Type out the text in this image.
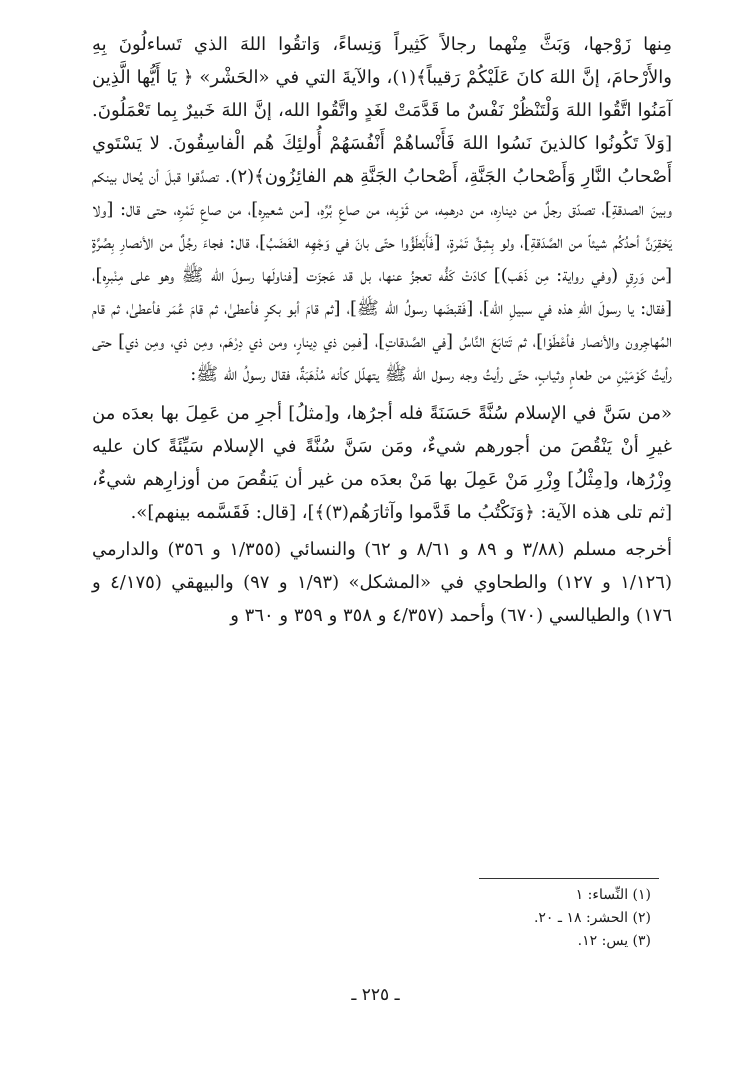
مِنها زَوْجها، وَبَثَّ مِنْهما رجالاً كَثِيراً وَنِساءً، وَاتقُوا اللهَ الذي تَساءلُونَ بِهِ والأَرْحامَ، إنَّ اللهَ كانَ عَلَيْكُمْ رَقيباً﴾(١)، والآيةَ التي في «الحَشْر» ﴿ يَا أَيُّها الَّذِين آمَنُوا اتَّقُوا اللهَ وَلْتَنْظُرْ نَفْسٌ ما قَدَّمَتْ لغَدٍ واتَّقُوا الله، إنَّ اللهَ خَبيرٌ بِما تَعْمَلُونَ. [وَلاَ تَكُونُوا كالذينَ نَسُوا اللهَ فَأَنْساهُمْ أَنْفُسَهُمْ أُولئِكَ هُم الْفاسِقُونَ. لا يَسْتَوي أَصْحابُ النَّارِ وَأَصْحابُ الجَنَّةِ، أَصْحابُ الجَنَّةِ هم الفائِزُون﴾(٢). تصدَّقوا قبلَ أن يُحال بينكم وبينَ الصدقةِ]، تصدّق رجلٌ من دينارِه، من درهمِه، من ثَوْبِه، من صاعِ بُرِّهِ، [من شعيرِه]، من صاعِ تَمْرِه، حتى قال: [ولا يَحْقِرَنَّ أحدُكُم شيئاً من الصَّدَقةِ]، ولو بِشِقِّ تَمْرةٍ، [فَأَبْطَؤُوا حتّى بانَ في وَجْهِه الغَضَبُ]، قال: فجاءَ رجُلٌ من الأنصارِ بِصُرَّةٍ [من وَرِقٍ (وفي رواية: مِن ذَهَب)] كادَتْ كَفُّه تعجزُ عنها، بل قد عَجزَت [فناولَها رسولَ الله ﷺ وهو على مِنْبرِه]، [فقال: يا رسولَ اللهِ هذه في سبيلِ الله]، [فَقبضَها رسولُ الله ﷺ]، [ثم قامَ أبو بكرٍ فأعطىٰ، ثم قامَ عُمَر فأعطىٰ، ثم قام المُهاجِرون والأنصار فأعْطَوْا]، ثم تَتابَعَ النَّاسُ [في الصَّدقاتِ]، [فمِن ذي دِينارٍ، ومن ذي دِرْهَم، ومِن ذي، ومِن ذي] حتى رأيتُ كَوْمَيْنِ من طعامٍ وثيابٍ، حتّى رأيتُ وجه رسول الله ﷺ يتهلّل كأنه مُذْهَبَةٌ، فقال رسولُ الله ﷺ:

«من سَنَّ في الإسلام سُنَّةً حَسَنَةً فله أجرُها، و[مثلُ] أجرِ من عَمِلَ بها بعدَه من غيرِ أنْ يَنْقُصَ من أجورهم شيءٌ، ومَن سَنَّ سُنَّةً في الإسلام سَيِّئَةً كان عليه وِزْرُها، و[مِثْلُ] وِزْرِ مَنْ عَمِلَ بها مَنْ بعدَه من غير أن يَنقُصَ من أوزارِهم شيءٌ، [ثم تلى هذه الآية: ﴿وَنَكْتُبُ ما قَدَّموا وآثارَهُم(٣)﴾]، [قال: فَقَسَّمه بينهم]».
أخرجه مسلم (٣/٨٨ و ٨٩ و ٨/٦١ و ٦٢) والنسائي (١/٣٥٥ و ٣٥٦) والدارمي (١/١٢٦ و ١٢٧) والطحاوي في «المشكل» (١/٩٣ و ٩٧) والبيهقي (٤/١٧٥ و ١٧٦) والطيالسي (٦٧٠) وأحمد (٤/٣٥٧ و ٣٥٨ و ٣٥٩ و ٣٦٠ و
(١) النِّساء: ١
(٢) الحشر: ١٨ ـ ٢٠.
(٣) يس: ١٢.
ـ ٢٢٥ ـ
